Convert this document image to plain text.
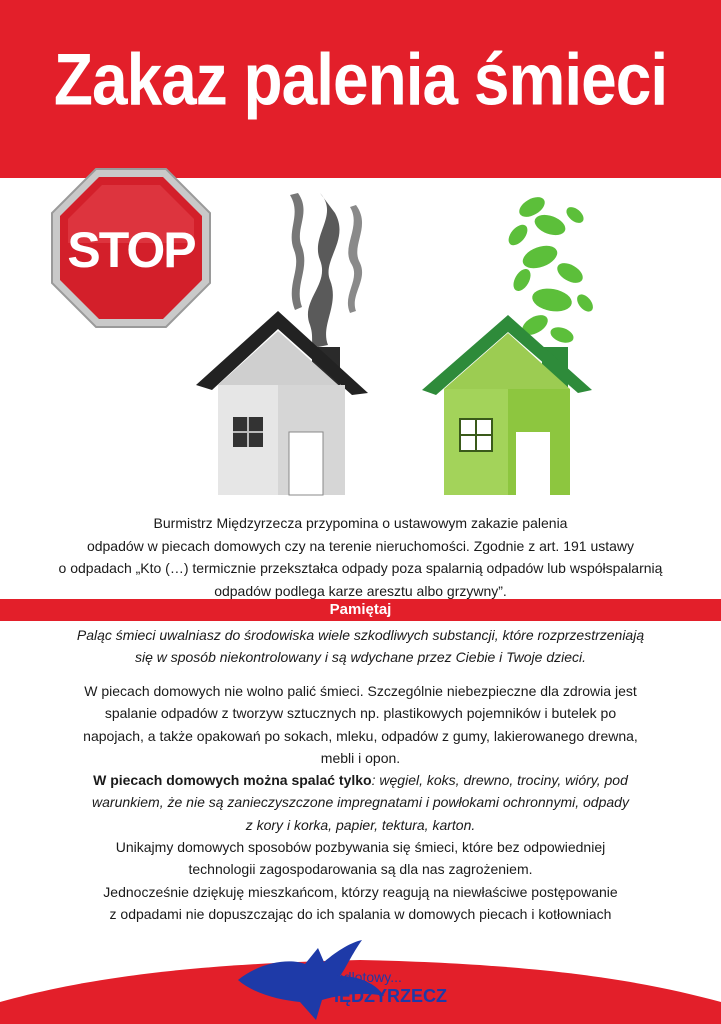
Zakaz palenia śmieci
STOP
Burmistrz Międzyrzecza przypomina o ustawowym zakazie palenia
odpadów w piecach domowych czy na terenie nieruchomości. Zgodnie z art. 191 ustawy
o odpadach „Kto (…) termicznie przekształca odpady poza spalarnią odpadów lub współspalarnią
odpadów podlega karze aresztu albo grzywny”.
Pamiętaj
Paląc śmieci uwalniasz do środowiska wiele szkodliwych substancji, które rozprzestrzeniają
się w sposób niekontrolowany i są wdychane przez Ciebie i Twoje dzieci.
W piecach domowych nie wolno palić śmieci. Szczególnie niebezpieczne dla zdrowia jest
spalanie odpadów z tworzyw sztucznych np. plastikowych pojemników i butelek po
napojach, a także opakowań po sokach, mleku, odpadów z gumy, lakierowanego drewna,
mebli i opon.
W piecach domowych można spalać tylko: węgiel, koks, drewno, trociny, wióry, pod
warunkiem, że nie są zanieczyszczone impregnatami i powłokami ochronnymi, odpady
z kory i korka, papier, tektura, karton.
Unikajmy domowych sposobów pozbywania się śmieci, które bez odpowiedniej
technologii zagospodarowania są dla nas zagrożeniem.
Jednocześnie dziękuję mieszkańcom, którzy reagują na niewłaściwe postępowanie
z odpadami nie dopuszczając do ich spalania w domowych piecach i kotłowniach
odlotowy...
IĘDZYRZECZ
